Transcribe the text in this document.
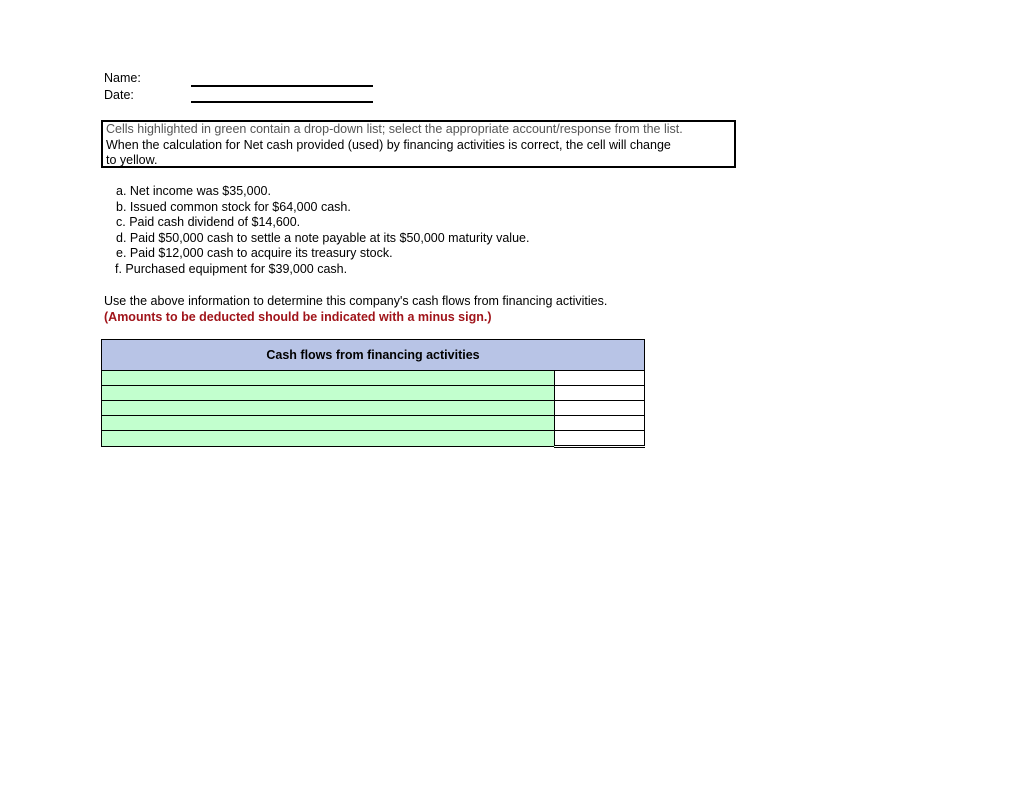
Name:
Date:
Cells highlighted in green contain a drop-down list; select the appropriate account/response from the list.
When the calculation for Net cash provided (used) by financing activities is correct, the cell will change
to yellow.
a. Net income was $35,000.
b. Issued common stock for $64,000 cash.
c. Paid cash dividend of $14,600.
d. Paid $50,000 cash to settle a note payable at its $50,000 maturity value.
e. Paid $12,000 cash to acquire its treasury stock.
f. Purchased equipment for $39,000 cash.
Use the above information to determine this company's cash flows from financing activities.
(Amounts to be deducted should be indicated with a minus sign.)
Cash flows from financing activities	
